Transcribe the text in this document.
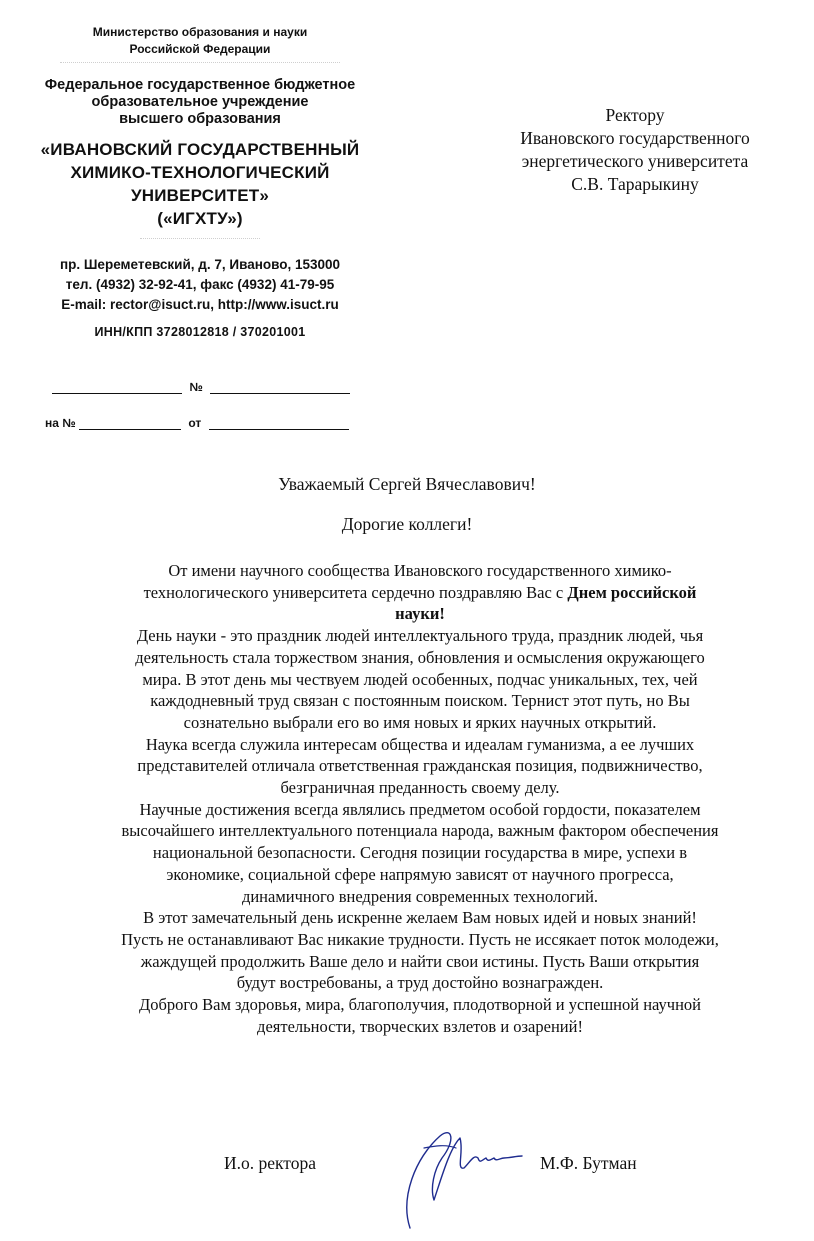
Министерство образования и науки
Российской Федерации
Федеральное государственное бюджетное
образовательное учреждение
высшего образования
«ИВАНОВСКИЙ ГОСУДАРСТВЕННЫЙ
ХИМИКО-ТЕХНОЛОГИЧЕСКИЙ
УНИВЕРСИТЕТ»
(«ИГХТУ»)
пр. Шереметевский, д. 7, Иваново, 153000
тел. (4932) 32-92-41, факс (4932) 41-79-95
E-mail: rector@isuct.ru, http://www.isuct.ru
ИНН/КПП 3728012818 / 370201001
№
на №	от
Ректору
Ивановского государственного
энергетического университета
С.В. Тарарыкину
Уважаемый Сергей Вячеславович!
Дорогие коллеги!

От имени научного сообщества Ивановского государственного химико-технологического университета сердечно поздравляю Вас с Днем российской науки!

День науки - это праздник людей интеллектуального труда, праздник людей, чья деятельность стала торжеством знания, обновления и осмысления окружающего мира. В этот день мы чествуем людей особенных, подчас уникальных, тех, чей каждодневный труд связан с постоянным поиском. Тернист этот путь, но Вы сознательно выбрали его во имя новых и ярких научных открытий.

Наука всегда служила интересам общества и идеалам гуманизма, а ее лучших представителей отличала ответственная гражданская позиция, подвижничество, безграничная преданность своему делу.

Научные достижения всегда являлись предметом особой гордости, показателем высочайшего интеллектуального потенциала народа, важным фактором обеспечения национальной безопасности. Сегодня позиции государства в мире, успехи в экономике, социальной сфере напрямую зависят от научного прогресса, динамичного внедрения современных технологий.

В этот замечательный день искренне желаем Вам новых идей и новых знаний! Пусть не останавливают Вас никакие трудности. Пусть не иссякает поток молодежи, жаждущей продолжить Ваше дело и найти свои истины. Пусть Ваши открытия будут востребованы, а труд достойно вознагражден.

Доброго Вам здоровья, мира, благополучия, плодотворной и успешной научной деятельности, творческих взлетов и озарений!

И.о. ректора	М.Ф. Бутман
